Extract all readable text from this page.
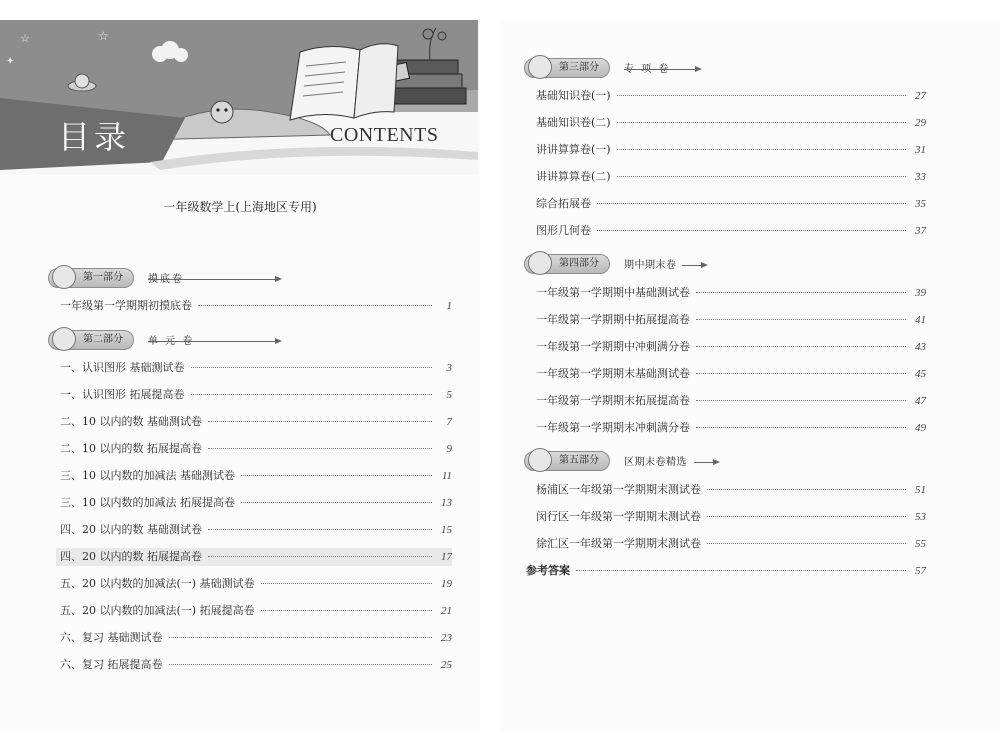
☆	☆
✦
目录	CONTENTS
一年级数学上(上海地区专用)
第一部分	摸底卷
一年级第一学期期初摸底卷	1
第二部分	单 元 卷
一、认识图形 基础测试卷	3
一、认识图形 拓展提高卷	5
二、10 以内的数 基础测试卷	7
二、10 以内的数 拓展提高卷	9
三、10 以内数的加减法 基础测试卷	11
三、10 以内数的加减法 拓展提高卷	13
四、20 以内的数 基础测试卷	15
四、20 以内的数 拓展提高卷	17
五、20 以内数的加减法(一) 基础测试卷	19
五、20 以内数的加减法(一) 拓展提高卷	21
六、复习 基础测试卷	23
六、复习 拓展提高卷	25
第三部分	专 项 卷
基础知识卷(一)	27
基础知识卷(二)	29
讲讲算算卷(一)	31
讲讲算算卷(二)	33
综合拓展卷	35
图形几何卷	37
第四部分	期中期末卷
一年级第一学期期中基础测试卷	39
一年级第一学期期中拓展提高卷	41
一年级第一学期期中冲刺满分卷	43
一年级第一学期期末基础测试卷	45
一年级第一学期期末拓展提高卷	47
一年级第一学期期末冲刺满分卷	49
第五部分	区期末卷精选
杨浦区一年级第一学期期末测试卷	51
闵行区一年级第一学期期末测试卷	53
徐汇区一年级第一学期期末测试卷	55
参考答案	57
